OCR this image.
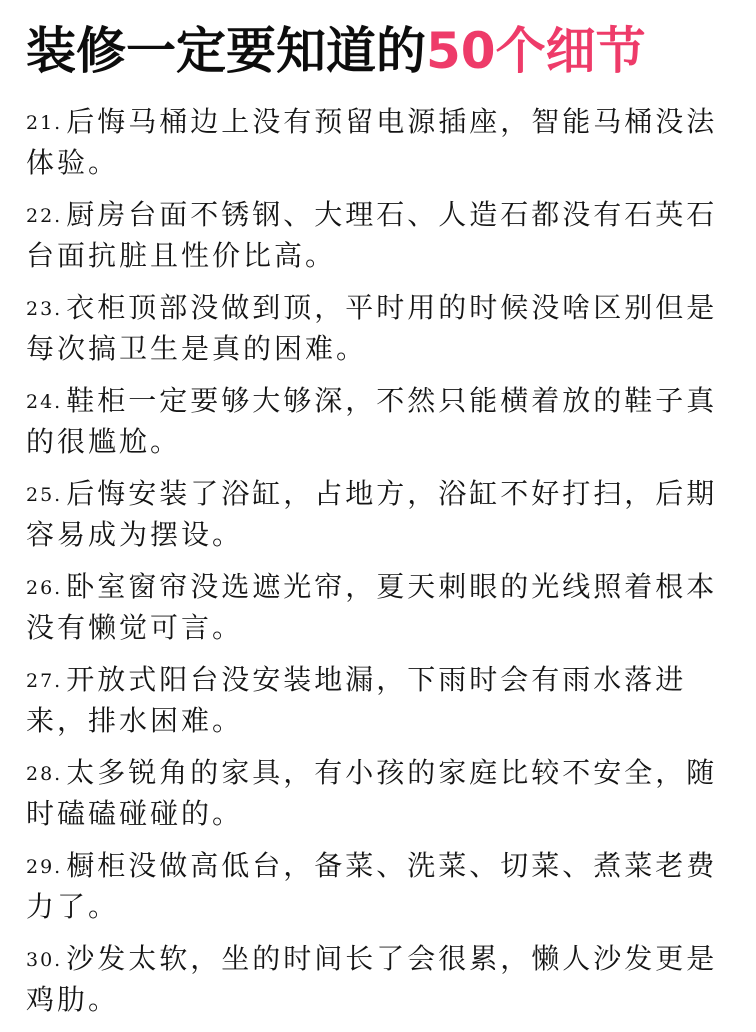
装修一定要知道的50个细节
21. 后悔马桶边上没有预留电源插座，智能马桶没法体验。
22. 厨房台面不锈钢、大理石、人造石都没有石英石台面抗脏且性价比高。
23. 衣柜顶部没做到顶，平时用的时候没啥区别但是每次搞卫生是真的困难。
24. 鞋柜一定要够大够深，不然只能横着放的鞋子真的很尴尬。
25. 后悔安装了浴缸，占地方，浴缸不好打扫，后期容易成为摆设。
26. 卧室窗帘没选遮光帘，夏天刺眼的光线照着根本没有懒觉可言。
27. 开放式阳台没安装地漏，下雨时会有雨水落进来，排水困难。
28. 太多锐角的家具，有小孩的家庭比较不安全，随时磕磕碰碰的。
29. 橱柜没做高低台，备菜、洗菜、切菜、煮菜老费力了。
30. 沙发太软，坐的时间长了会很累，懒人沙发更是鸡肋。
